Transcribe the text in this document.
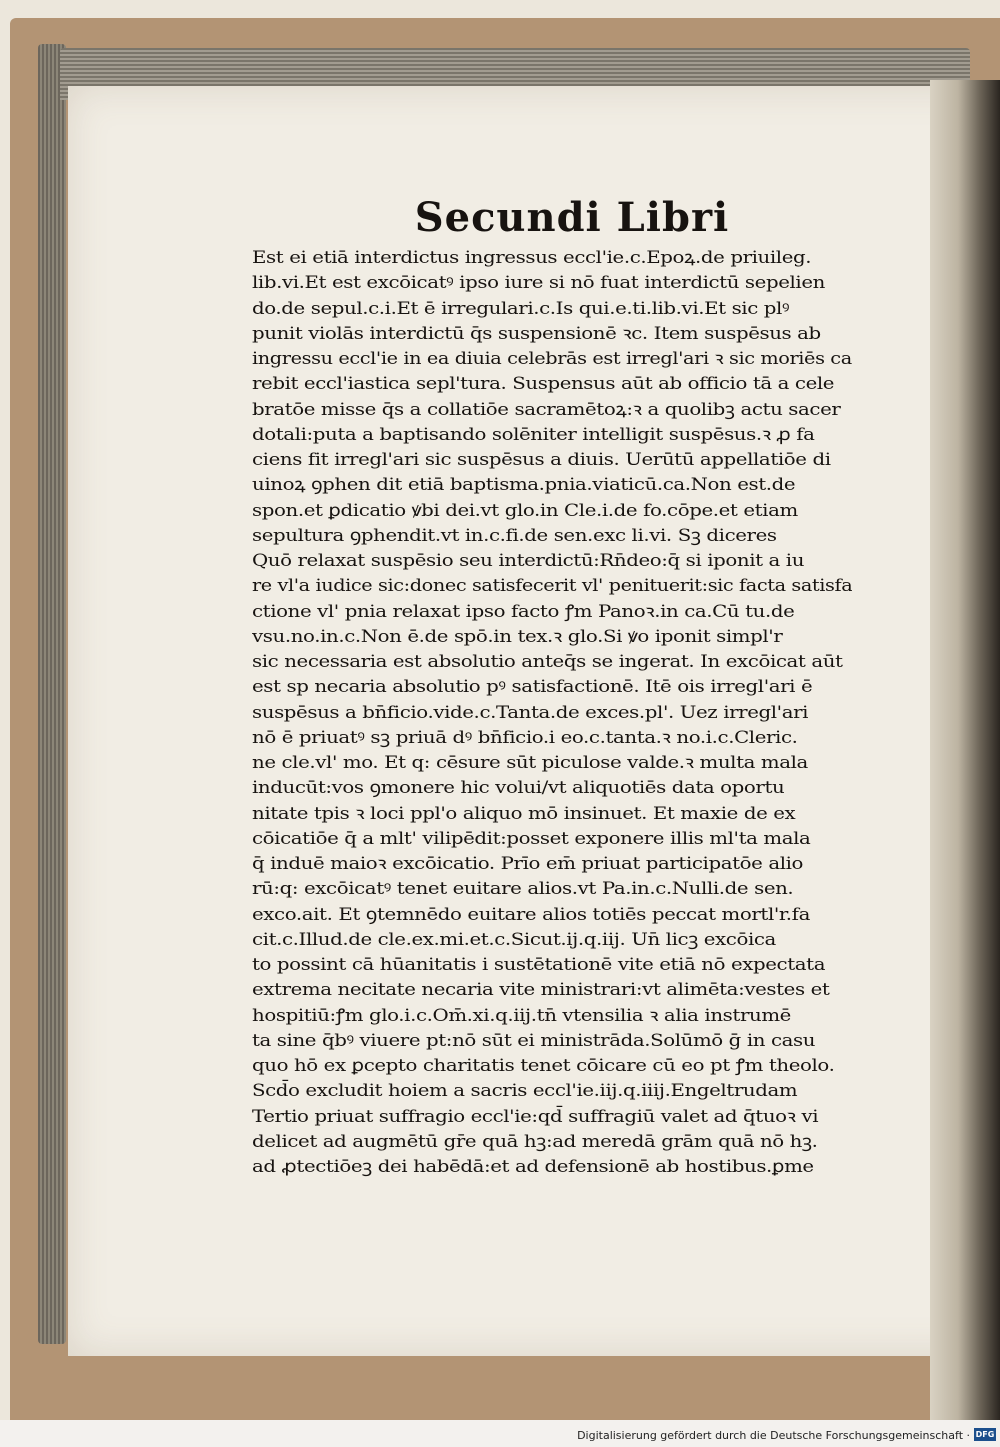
Secundi Libri
Est ei etiā interdictus ingressus eccl'ie.c.Epoꝝ.de priuileg.
lib.vi.Et est excōicatꝰ ipso iure si nō fuat interdictū sepelien
do.de sepul.c.i.Et ē irregulari.c.Is qui.e.ti.lib.vi.Et sic plꝰ
punit violās interdictū q̄s suspensionē ꝛc. Item suspēsus ab
ingressu eccl'ie in ea diuia celebrās est irregl'ari ꝛ sic moriēs ca
rebit eccl'iastica sepl'tura. Suspensus aūt ab officio tā a cele
bratōe misse q̄s a collatiōe sacramētoꝝ:ꝛ a quolibꝫ actu sacer
dotali:puta a baptisando solēniter intelligit suspēsus.ꝛ ꝓ fa
ciens fit irregl'ari sic suspēsus a diuis. Uerūtū appellatiōe di
uinoꝝ ꝯphen dit etiā baptisma.pnia.viaticū.ca.Non est.de
spon.et ꝑdicatio ꝟbi dei.vt glo.in Cle.i.de fo.cōpe.et etiam
sepultura ꝯphendit.vt in.c.fi.de sen.exc li.vi. Sꝫ diceres
Quō relaxat suspēsio seu interdictū:Rn̄deo:q̄ si iponit a iu
re vl'a iudice sic:donec satisfecerit vl' penituerit:sic facta satisfa
ctione vl' pnia relaxat ipso facto ꝭm Panoꝛ.in ca.Cū tu.de
vsu.no.in.c.Non ē.de spō.in tex.ꝛ glo.Si ꝟo iponit simpl'r
sic necessaria est absolutio anteq̄s se ingerat. In excōicat aūt
est sp necaria absolutio pꝰ satisfactionē. Itē ois irregl'ari ē
suspēsus a bn̄ficio.vide.c.Tanta.de exces.pl'. Uez irregl'ari
nō ē priuatꝰ sꝫ priuā dꝰ bn̄ficio.i eo.c.tanta.ꝛ no.i.c.Cleric.
ne cle.vl' mo. Et q: cēsure sūt piculose valde.ꝛ multa mala
inducūt:vos ꝯmonere hic volui/vt aliquotiēs data oportu
nitate tpis ꝛ loci ppl'o aliquo mō insinuet. Et maxie de ex
cōicatiōe q̄ a mlt' vilipēdit:posset exponere illis ml'ta mala
q̄ induē maioꝛ excōicatio. Prīo em̄ priuat participatōe alio
rū:q: excōicatꝰ tenet euitare alios.vt Pa.in.c.Nulli.de sen.
exco.ait. Et ꝯtemnēdo euitare alios totiēs peccat mortl'r.fa
cit.c.Illud.de cle.ex.mi.et.c.Sicut.ij.q.iij. Un̄ licꝫ excōica
to possint cā hūanitatis i sustētationē vite etiā nō expectata
extrema necitate necaria vite ministrari:vt alimēta:vestes et
hospitiū:ꝭm glo.i.c.Om̄.xi.q.iij.tn̄ vtensilia ꝛ alia instrumē
ta sine q̄bꝰ viuere pt:nō sūt ei ministrāda.Solūmō ḡ in casu
quo hō ex ꝑcepto charitatis tenet cōicare cū eo pt ꝭm theolo.
Scd̄o excludit hoiem a sacris eccl'ie.iij.q.iiij.Engeltrudam
Tertio priuat suffragio eccl'ie:qd̄ suffragiū valet ad q̄tuoꝛ vi
delicet ad augmētū gr̄e quā hꝫ:ad meredā grām quā nō hꝫ.
ad ꝓtectiōeꝫ dei habēdā:et ad defensionē ab hostibus.ꝑme
Digitalisierung gefördert durch die Deutsche Forschungsgemeinschaft · DFG
